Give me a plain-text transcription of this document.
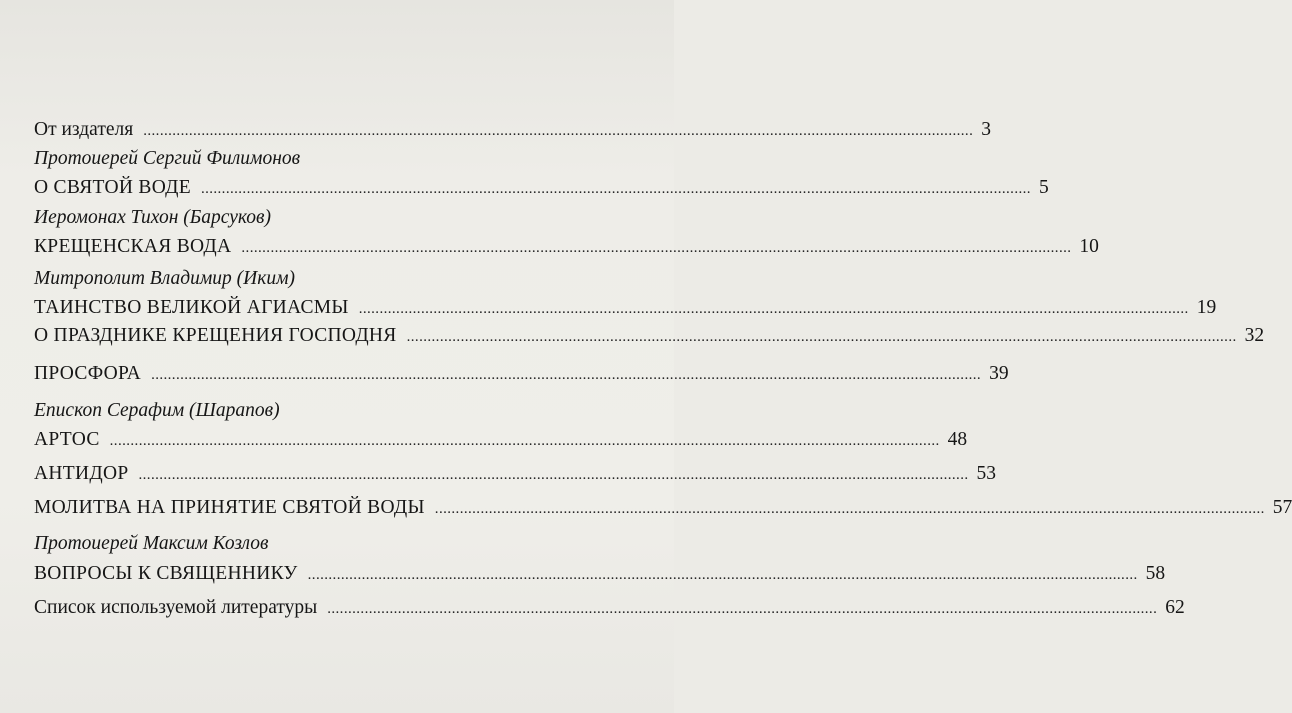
От издателя ........................................................................................................................................................................................................ 3
Протоиерей Сергий Филимонов
О СВЯТОЙ ВОДЕ ........................................................................................................................................................................................................ 5
Иеромонах Тихон (Барсуков)
КРЕЩЕНСКАЯ ВОДА ........................................................................................................................................................................................................ 10
Митрополит Владимир (Иким)
ТАИНСТВО ВЕЛИКОЙ АГИАСМЫ ........................................................................................................................................................................................................ 19
О ПРАЗДНИКЕ КРЕЩЕНИЯ ГОСПОДНЯ ........................................................................................................................................................................................................ 32
ПРОСФОРА ........................................................................................................................................................................................................ 39
Епископ Серафим (Шарапов)
АРТОС ........................................................................................................................................................................................................ 48
АНТИДОР ........................................................................................................................................................................................................ 53
МОЛИТВА НА ПРИНЯТИЕ СВЯТОЙ ВОДЫ ........................................................................................................................................................................................................ 57
Протоиерей Максим Козлов
ВОПРОСЫ К СВЯЩЕННИКУ ........................................................................................................................................................................................................ 58
Список используемой литературы ........................................................................................................................................................................................................ 62
